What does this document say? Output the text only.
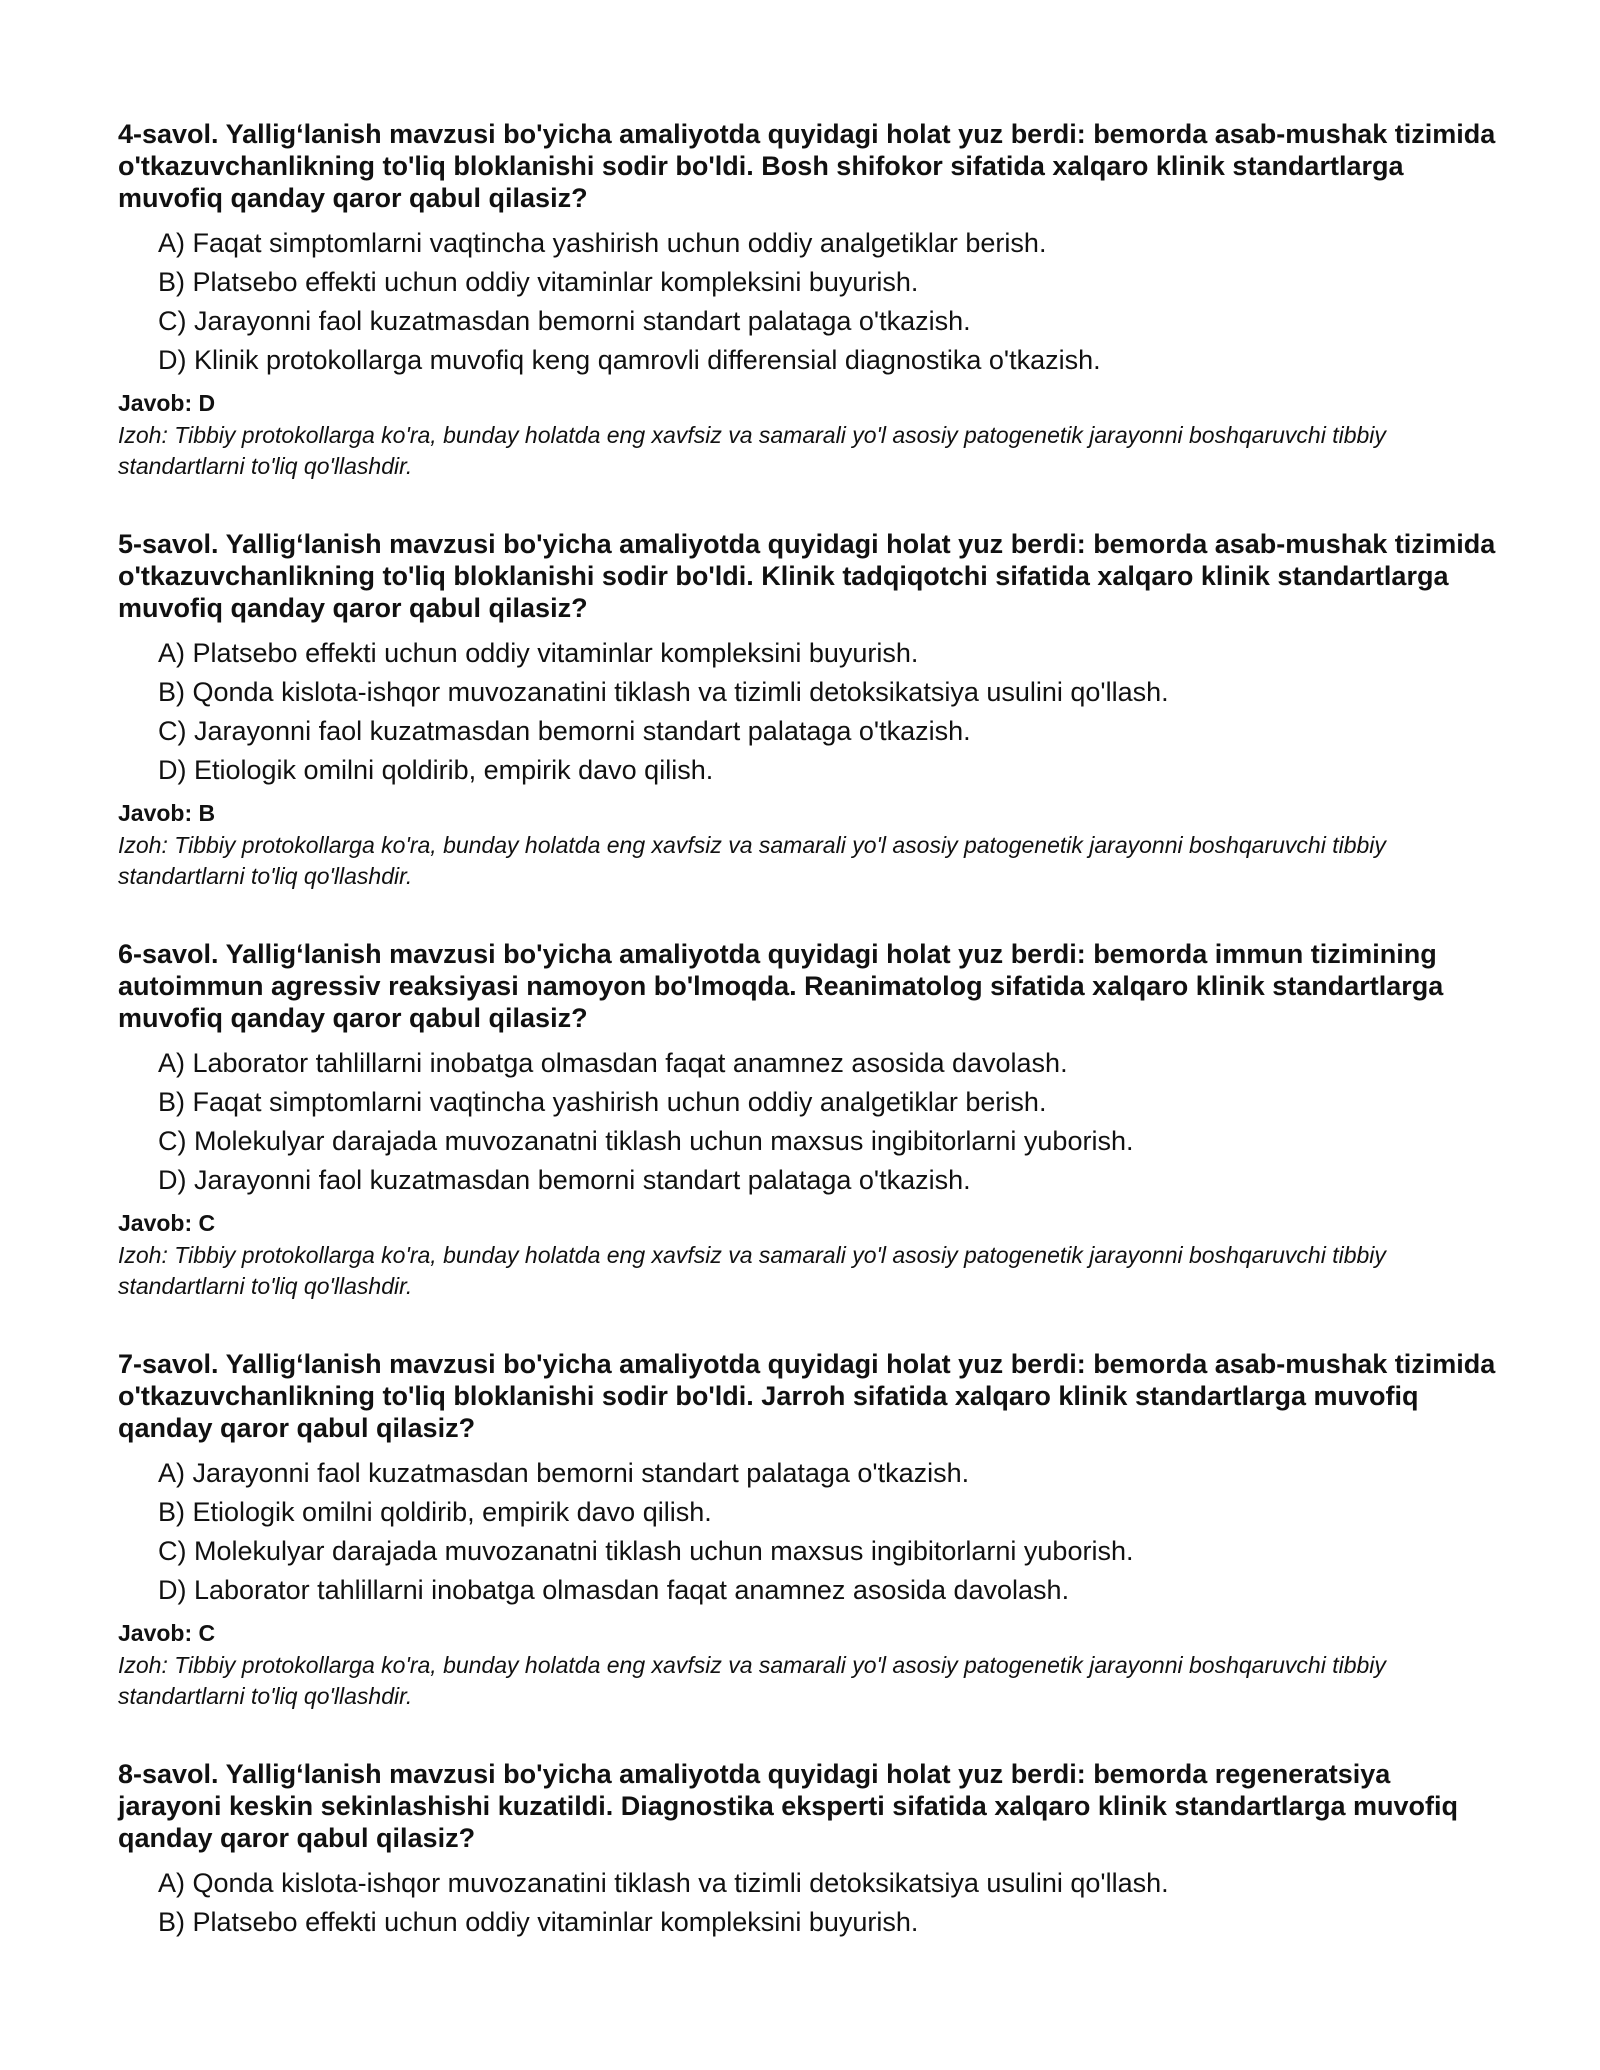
4-savol. Yallig‘lanish mavzusi bo'yicha amaliyotda quyidagi holat yuz berdi: bemorda asab-mushak tizimida o'tkazuvchanlikning to'liq bloklanishi sodir bo'ldi. Bosh shifokor sifatida xalqaro klinik standartlarga muvofiq qanday qaror qabul qilasiz?

A) Faqat simptomlarni vaqtincha yashirish uchun oddiy analgetiklar berish.
B) Platsebo effekti uchun oddiy vitaminlar kompleksini buyurish.
C) Jarayonni faol kuzatmasdan bemorni standart palataga o'tkazish.
D) Klinik protokollarga muvofiq keng qamrovli differensial diagnostika o'tkazish.

Javob: D

Izoh: Tibbiy protokollarga ko'ra, bunday holatda eng xavfsiz va samarali yo'l asosiy patogenetik jarayonni boshqaruvchi tibbiy standartlarni to'liq qo'llashdir.

5-savol. Yallig‘lanish mavzusi bo'yicha amaliyotda quyidagi holat yuz berdi: bemorda asab-mushak tizimida o'tkazuvchanlikning to'liq bloklanishi sodir bo'ldi. Klinik tadqiqotchi sifatida xalqaro klinik standartlarga muvofiq qanday qaror qabul qilasiz?

A) Platsebo effekti uchun oddiy vitaminlar kompleksini buyurish.
B) Qonda kislota-ishqor muvozanatini tiklash va tizimli detoksikatsiya usulini qo'llash.
C) Jarayonni faol kuzatmasdan bemorni standart palataga o'tkazish.
D) Etiologik omilni qoldirib, empirik davo qilish.

Javob: B

Izoh: Tibbiy protokollarga ko'ra, bunday holatda eng xavfsiz va samarali yo'l asosiy patogenetik jarayonni boshqaruvchi tibbiy standartlarni to'liq qo'llashdir.

6-savol. Yallig‘lanish mavzusi bo'yicha amaliyotda quyidagi holat yuz berdi: bemorda immun tizimining autoimmun agressiv reaksiyasi namoyon bo'lmoqda. Reanimatolog sifatida xalqaro klinik standartlarga muvofiq qanday qaror qabul qilasiz?

A) Laborator tahlillarni inobatga olmasdan faqat anamnez asosida davolash.
B) Faqat simptomlarni vaqtincha yashirish uchun oddiy analgetiklar berish.
C) Molekulyar darajada muvozanatni tiklash uchun maxsus ingibitorlarni yuborish.
D) Jarayonni faol kuzatmasdan bemorni standart palataga o'tkazish.

Javob: C

Izoh: Tibbiy protokollarga ko'ra, bunday holatda eng xavfsiz va samarali yo'l asosiy patogenetik jarayonni boshqaruvchi tibbiy standartlarni to'liq qo'llashdir.

7-savol. Yallig‘lanish mavzusi bo'yicha amaliyotda quyidagi holat yuz berdi: bemorda asab-mushak tizimida o'tkazuvchanlikning to'liq bloklanishi sodir bo'ldi. Jarroh sifatida xalqaro klinik standartlarga muvofiq qanday qaror qabul qilasiz?

A) Jarayonni faol kuzatmasdan bemorni standart palataga o'tkazish.
B) Etiologik omilni qoldirib, empirik davo qilish.
C) Molekulyar darajada muvozanatni tiklash uchun maxsus ingibitorlarni yuborish.
D) Laborator tahlillarni inobatga olmasdan faqat anamnez asosida davolash.

Javob: C

Izoh: Tibbiy protokollarga ko'ra, bunday holatda eng xavfsiz va samarali yo'l asosiy patogenetik jarayonni boshqaruvchi tibbiy standartlarni to'liq qo'llashdir.

8-savol. Yallig‘lanish mavzusi bo'yicha amaliyotda quyidagi holat yuz berdi: bemorda regeneratsiya jarayoni keskin sekinlashishi kuzatildi. Diagnostika eksperti sifatida xalqaro klinik standartlarga muvofiq qanday qaror qabul qilasiz?

A) Qonda kislota-ishqor muvozanatini tiklash va tizimli detoksikatsiya usulini qo'llash.
B) Platsebo effekti uchun oddiy vitaminlar kompleksini buyurish.
